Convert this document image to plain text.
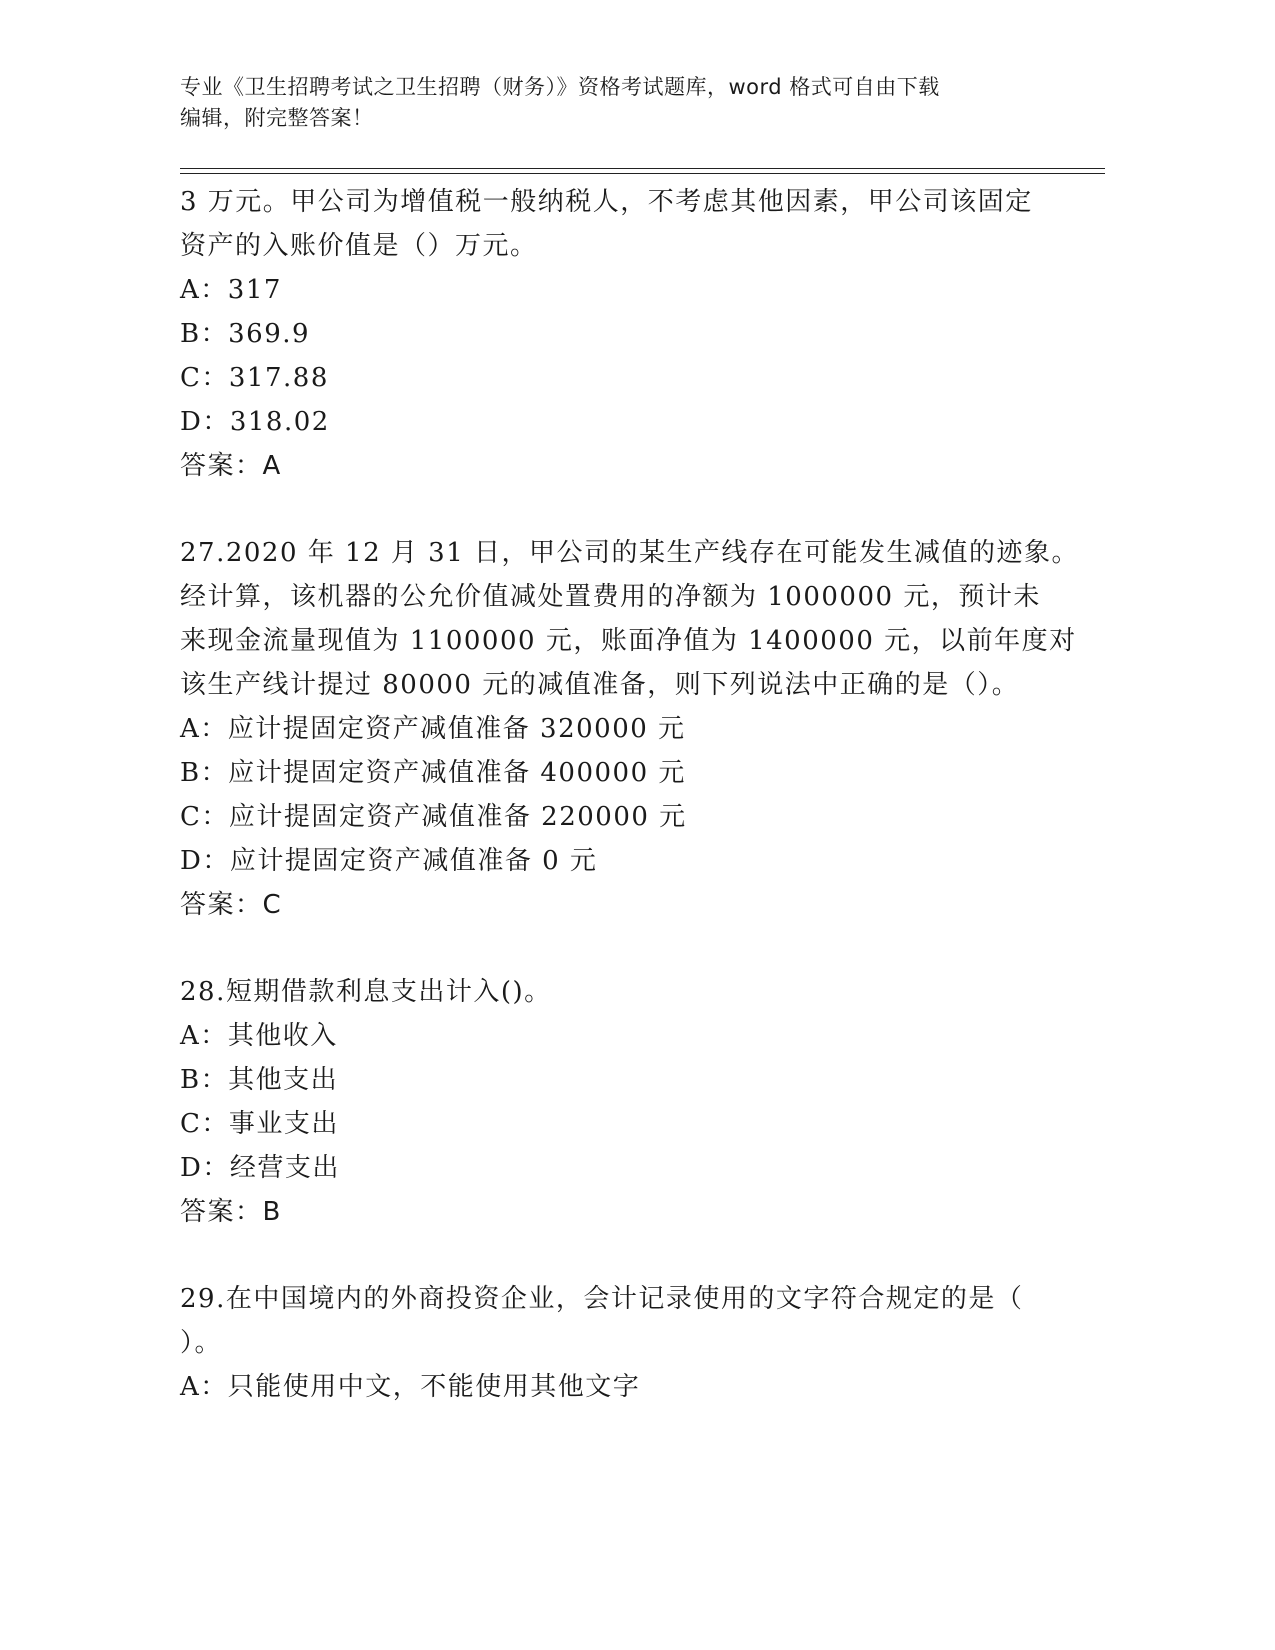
专业《卫生招聘考试之卫生招聘（财务）》资格考试题库，word 格式可自由下载
编辑，附完整答案！
3 万元。甲公司为增值税一般纳税人，不考虑其他因素，甲公司该固定
资产的入账价值是（）万元。
A：317
B：369.9
C：317.88
D：318.02
答案：A
27.2020 年 12 月 31 日，甲公司的某生产线存在可能发生减值的迹象。
经计算，该机器的公允价值减处置费用的净额为 1000000 元，预计未
来现金流量现值为 1100000 元，账面净值为 1400000 元，以前年度对
该生产线计提过 80000 元的减值准备，则下列说法中正确的是（）。
A：应计提固定资产减值准备 320000 元
B：应计提固定资产减值准备 400000 元
C：应计提固定资产减值准备 220000 元
D：应计提固定资产减值准备 0 元
答案：C
28.短期借款利息支出计入()。
A：其他收入
B：其他支出
C：事业支出
D：经营支出
答案：B
29.在中国境内的外商投资企业，会计记录使用的文字符合规定的是（
）。
A：只能使用中文，不能使用其他文字
